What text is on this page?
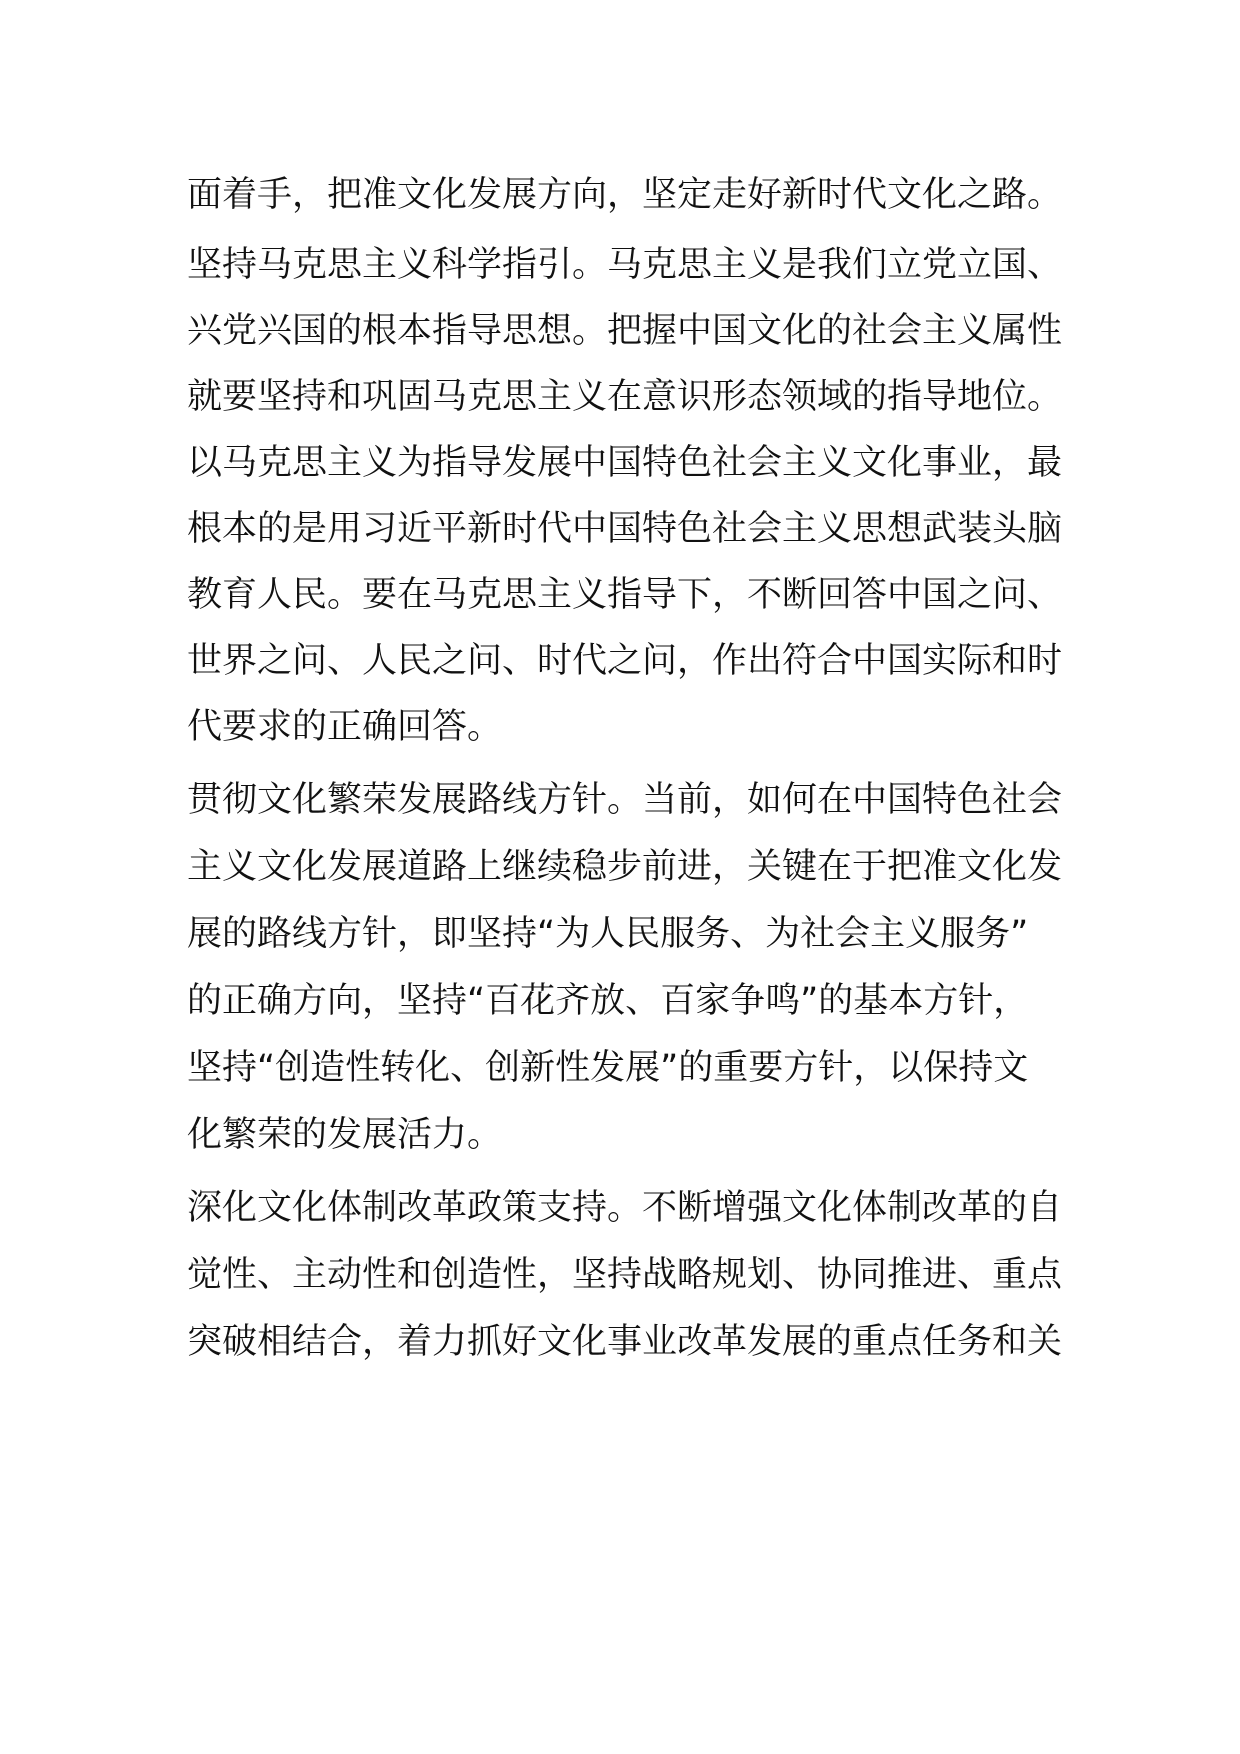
面着手，把准文化发展方向，坚定走好新时代文化之路。

坚持马克思主义科学指引。马克思主义是我们立党立国、

兴党兴国的根本指导思想。把握中国文化的社会主义属性

就要坚持和巩固马克思主义在意识形态领域的指导地位。

以马克思主义为指导发展中国特色社会主义文化事业，最

根本的是用习近平新时代中国特色社会主义思想武装头脑

教育人民。要在马克思主义指导下，不断回答中国之问、

世界之问、人民之问、时代之问，作出符合中国实际和时

代要求的正确回答。

贯彻文化繁荣发展路线方针。当前，如何在中国特色社会

主义文化发展道路上继续稳步前进，关键在于把准文化发

展的路线方针，即坚持“为人民服务、为社会主义服务”

的正确方向，坚持“百花齐放、百家争鸣”的基本方针，

坚持“创造性转化、创新性发展”的重要方针，以保持文

化繁荣的发展活力。

深化文化体制改革政策支持。不断增强文化体制改革的自

觉性、主动性和创造性，坚持战略规划、协同推进、重点

突破相结合，着力抓好文化事业改革发展的重点任务和关
